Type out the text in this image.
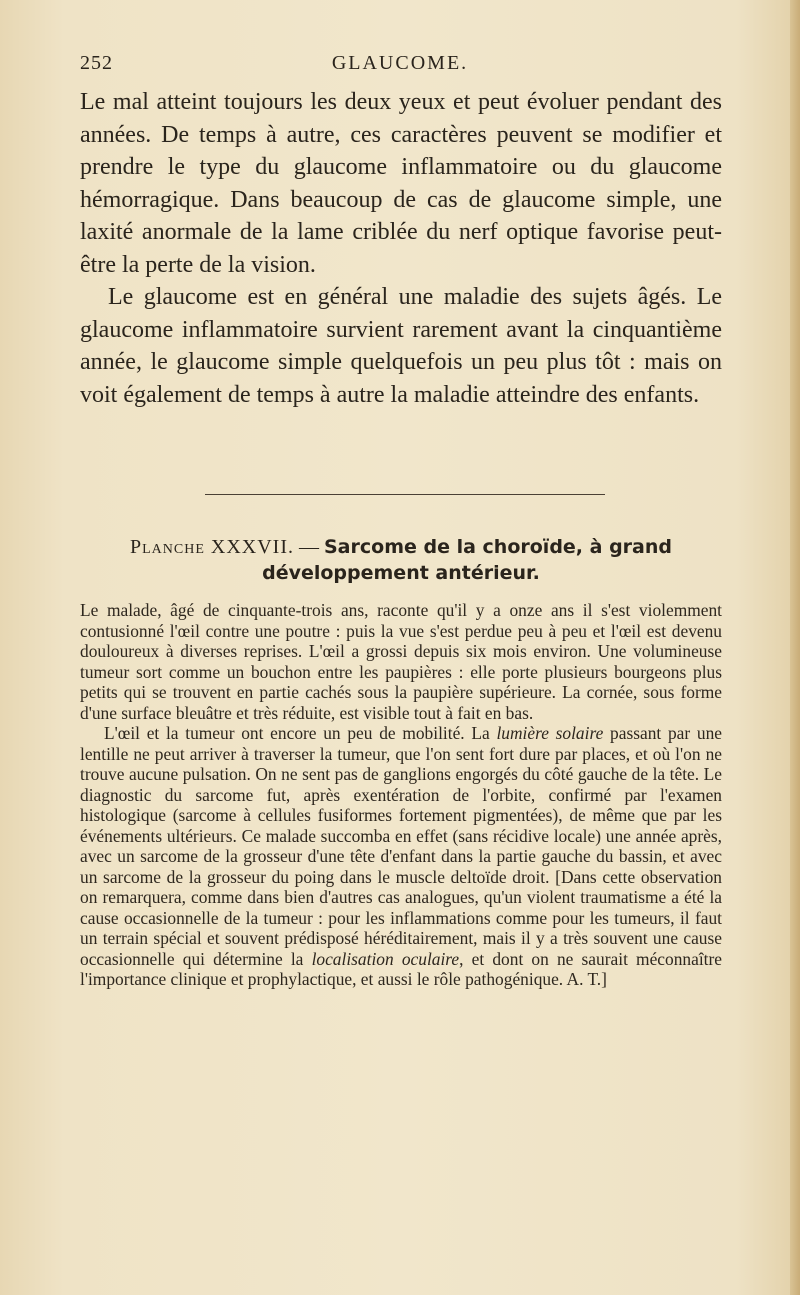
252	GLAUCOME.

Le mal atteint toujours les deux yeux et peut évoluer pendant des années. De temps à autre, ces caractères peuvent se modifier et prendre le type du glaucome inflammatoire ou du glaucome hémorragique. Dans beaucoup de cas de glaucome simple, une laxité anormale de la lame criblée du nerf optique favorise peut-être la perte de la vision.

Le glaucome est en général une maladie des sujets âgés. Le glaucome inflammatoire survient rarement avant la cinquantième année, le glaucome simple quelquefois un peu plus tôt : mais on voit également de temps à autre la maladie atteindre des enfants.

Planche XXXVII. — Sarcome de la choroïde, à grand
développement antérieur.

Le malade, âgé de cinquante-trois ans, raconte qu'il y a onze ans il s'est violemment contusionné l'œil contre une poutre : puis la vue s'est perdue peu à peu et l'œil est devenu douloureux à diverses reprises. L'œil a grossi depuis six mois environ. Une volumineuse tumeur sort comme un bouchon entre les paupières : elle porte plusieurs bourgeons plus petits qui se trouvent en partie cachés sous la paupière supérieure. La cornée, sous forme d'une surface bleuâtre et très réduite, est visible tout à fait en bas.

L'œil et la tumeur ont encore un peu de mobilité. La lumière solaire passant par une lentille ne peut arriver à traverser la tumeur, que l'on sent fort dure par places, et où l'on ne trouve aucune pulsation. On ne sent pas de ganglions engorgés du côté gauche de la tête. Le diagnostic du sarcome fut, après exentération de l'orbite, confirmé par l'examen histologique (sarcome à cellules fusiformes fortement pigmentées), de même que par les événements ultérieurs. Ce malade succomba en effet (sans récidive locale) une année après, avec un sarcome de la grosseur d'une tête d'enfant dans la partie gauche du bassin, et avec un sarcome de la grosseur du poing dans le muscle deltoïde droit. [Dans cette observation on remarquera, comme dans bien d'autres cas analogues, qu'un violent traumatisme a été la cause occasionnelle de la tumeur : pour les inflammations comme pour les tumeurs, il faut un terrain spécial et souvent prédisposé héréditairement, mais il y a très souvent une cause occasionnelle qui détermine la localisation oculaire, et dont on ne saurait méconnaître l'importance clinique et prophylactique, et aussi le rôle pathogénique. A. T.]
